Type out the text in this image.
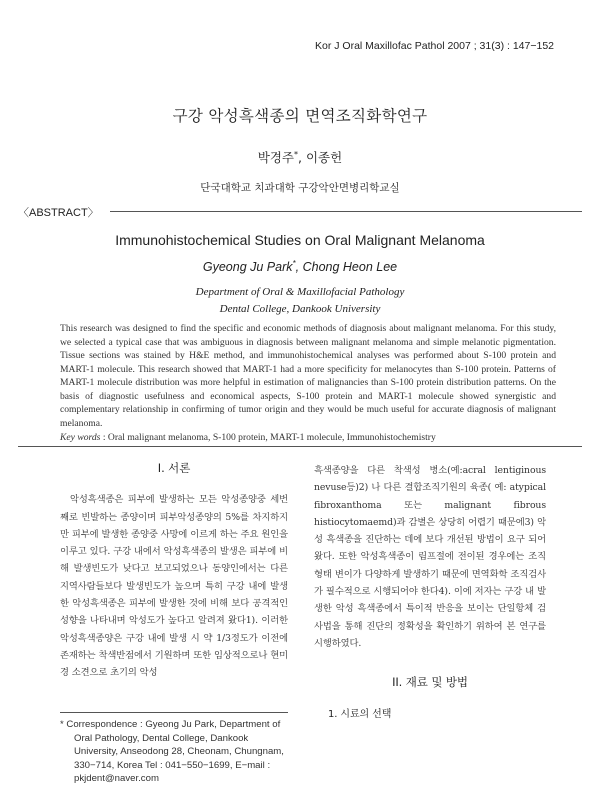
Kor J Oral Maxillofac Pathol 2007 ; 31(3) : 147−152
구강 악성흑색종의 면역조직화학연구
박경주*, 이종헌
단국대학교 치과대학 구강악안면병리학교실
〈ABSTRACT〉
Immunohistochemical Studies on Oral Malignant Melanoma
Gyeong Ju Park*, Chong Heon Lee
Department of Oral & Maxillofacial Pathology
Dental College, Dankook University
This research was designed to find the specific and economic methods of diagnosis about malignant melanoma. For this study, we selected a typical case that was ambiguous in diagnosis between malignant melanoma and simple melanotic pigmentation. Tissue sections was stained by H&E method, and immunohistochemical analyses was performed about S-100 protein and MART-1 molecule. This research showed that MART-1 had a more specificity for melanocytes than S-100 protein. Patterns of MART-1 molecule distribution was more helpful in estimation of malignancies than S-100 protein distribution patterns. On the basis of diagnostic usefulness and economical aspects, S-100 protein and MART-1 molecule showed synergistic and complementary relationship in confirming of tumor origin and they would be much useful for accurate diagnosis of malignant melanoma.
Key words : Oral malignant melanoma, S-100 protein, MART-1 molecule, Immunohistochemistry

I. 서론

악성흑색종은 피부에 발생하는 모든 악성종양중 세번째로 빈발하는 종양이며 피부악성종양의 5%를 차지하지만 피부에 발생한 종양중 사망에 이르게 하는 주요 원인을 이루고 있다. 구강 내에서 악성흑색종의 발생은 피부에 비해 발생빈도가 낮다고 보고되었으나 동양인에서는 다른 지역사람들보다 발생빈도가 높으며 특히 구강 내에 발생한 악성흑색종은 피부에 발생한 것에 비해 보다 공격적인 성향을 나타내며 악성도가 높다고 알려져 왔다1). 이러한 악성흑색종양은 구강 내에 발생 시 약 1/3정도가 이전에 존재하는 착색반점에서 기원하며 또한 임상적으로나 현미경 소견으로 초기의 악성

흑색종양을 다른 착색성 병소(예:acral lentiginous nevuse등)2) 나 다른 결합조직기원의 육종( 예: atypical fibroxanthoma 또는 malignant fibrous histiocytomaemd)과 감별은 상당히 어렵기 때문에3) 악성 흑색종을 진단하는 데에 보다 개선된 방법이 요구 되어왔다. 또한 악성흑색종이 림프절에 전이된 경우에는 조직형태 변이가 다양하게 발생하기 때문에 면역화학 조직검사가 필수적으로 시행되어야 한다4). 이에 저자는 구강 내 발생한 악성 흑색종에서 특이적 반응을 보이는 단일항체 검사법을 통해 진단의 정확성을 확인하기 위하여 본 연구를 시행하였다.

II. 재료 및 방법

1. 시료의 선택

* Correspondence : Gyeong Ju Park, Department of Oral Pathology, Dental College, Dankook University, Anseodong 28, Cheonam, Chungnam, 330−714, Korea Tel : 041−550−1699, E−mail : pkjdent@naver.com
